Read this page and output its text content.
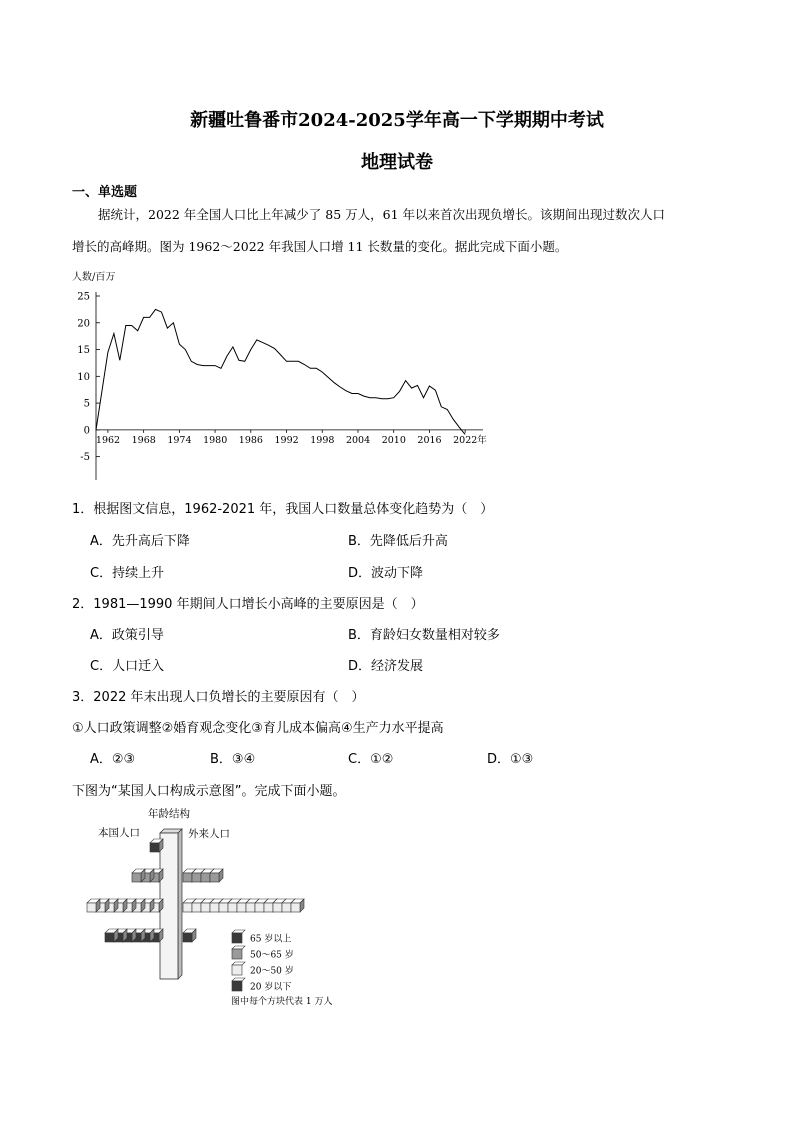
新疆吐鲁番市2024-2025学年高一下学期期中考试
地理试卷
一、单选题
据统计，2022 年全国人口比上年减少了 85 万人，61 年以来首次出现负增长。该期间出现过数次人口
增长的高峰期。图为 1962～2022 年我国人口增 11 长数量的变化。据此完成下面小题。
人数/百万
-5
0
5
10
15
20
25
1962 1968 1974 1980 1986 1992 1998 2004 2010 2016 2022年
1．根据图文信息，1962-2021 年，我国人口数量总体变化趋势为（　）
A．先升高后下降	B．先降低后升高
C．持续上升	D．波动下降
2．1981—1990 年期间人口增长小高峰的主要原因是（　）
A．政策引导	B．育龄妇女数量相对较多
C．人口迁入	D．经济发展
3．2022 年末出现人口负增长的主要原因有（　）
①人口政策调整②婚育观念变化③育儿成本偏高④生产力水平提高
A．②③	B．③④	C．①②	D．①③
下图为“某国人口构成示意图”。完成下面小题。
年龄结构
本国人口	外来人口
65 岁以上
50～65 岁
20～50 岁
20 岁以下
图中每个方块代表 1 万人
